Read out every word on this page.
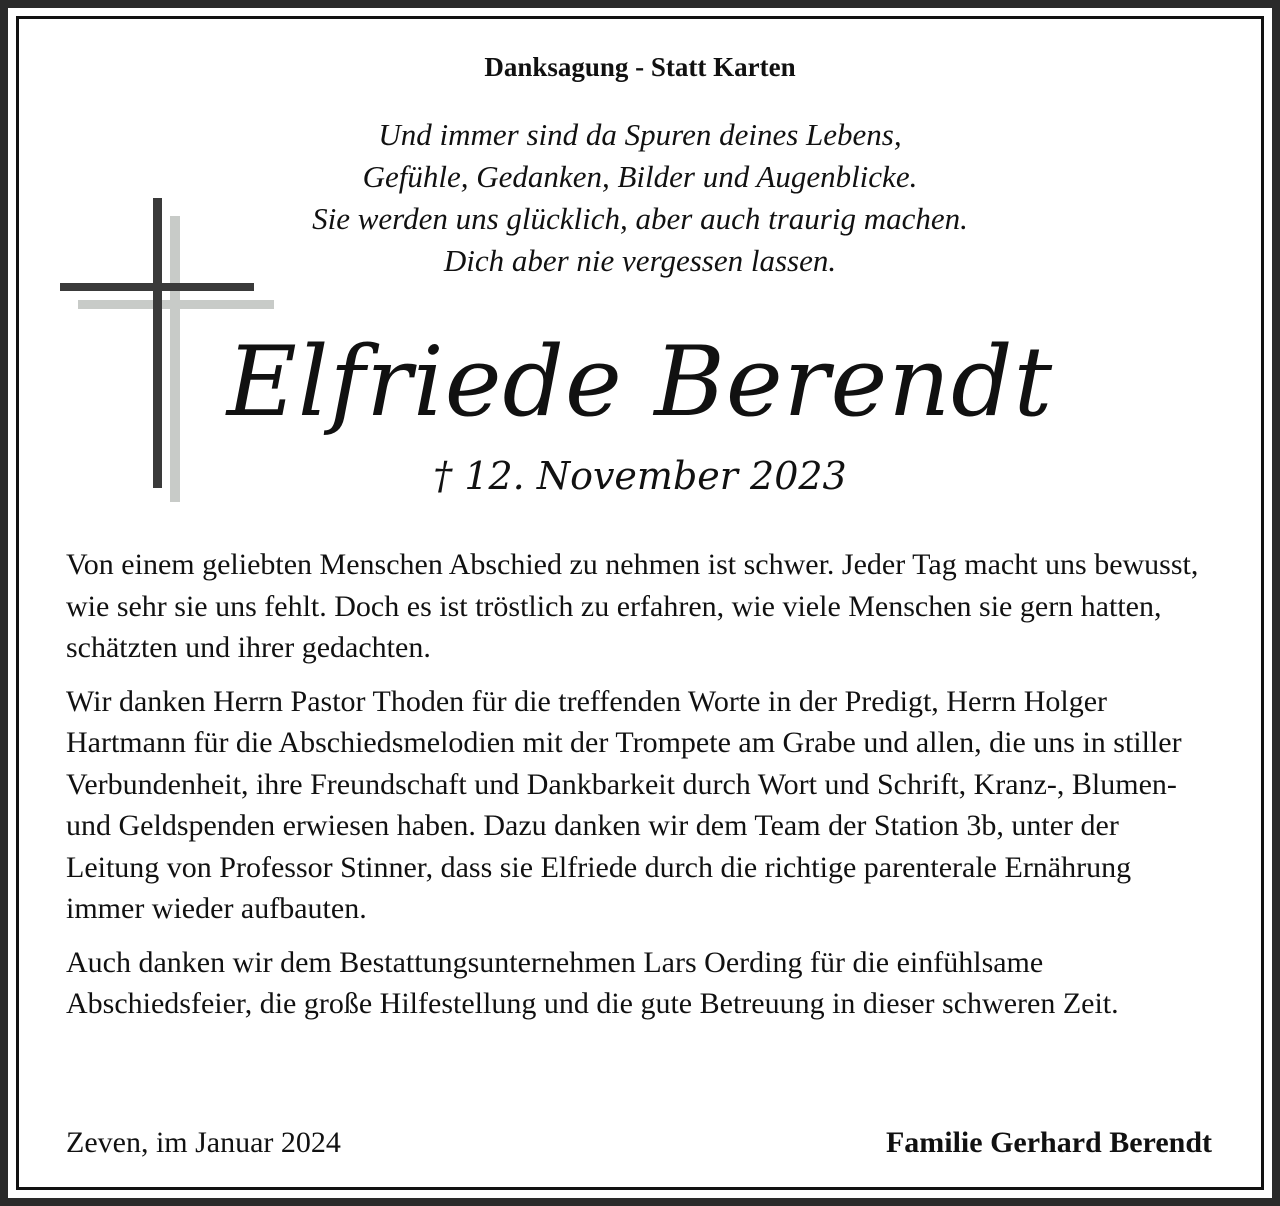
Danksagung - Statt Karten
Und immer sind da Spuren deines Lebens,
Gefühle, Gedanken, Bilder und Augenblicke.
Sie werden uns glücklich, aber auch traurig machen.
Dich aber nie vergessen lassen.
Elfriede Berendt
† 12. November 2023

Von einem geliebten Menschen Abschied zu nehmen ist schwer. Jeder Tag macht uns bewusst, wie sehr sie uns fehlt. Doch es ist tröstlich zu erfahren, wie viele Menschen sie gern hatten, schätzten und ihrer gedachten.

Wir danken Herrn Pastor Thoden für die treffenden Worte in der Predigt, Herrn Holger Hartmann für die Abschiedsmelodien mit der Trompete am Grabe und allen, die uns in stiller Verbundenheit, ihre Freundschaft und Dankbarkeit durch Wort und Schrift, Kranz-, Blumen- und Geldspenden erwiesen haben. Dazu danken wir dem Team der Station 3b, unter der Leitung von Professor Stinner, dass sie Elfriede durch die richtige parenterale Ernährung immer wieder aufbauten.

Auch danken wir dem Bestattungsunternehmen Lars Oerding für die einfühlsame Abschiedsfeier, die große Hilfestellung und die gute Betreuung in dieser schweren Zeit.

Zeven, im Januar 2024	Familie Gerhard Berendt
